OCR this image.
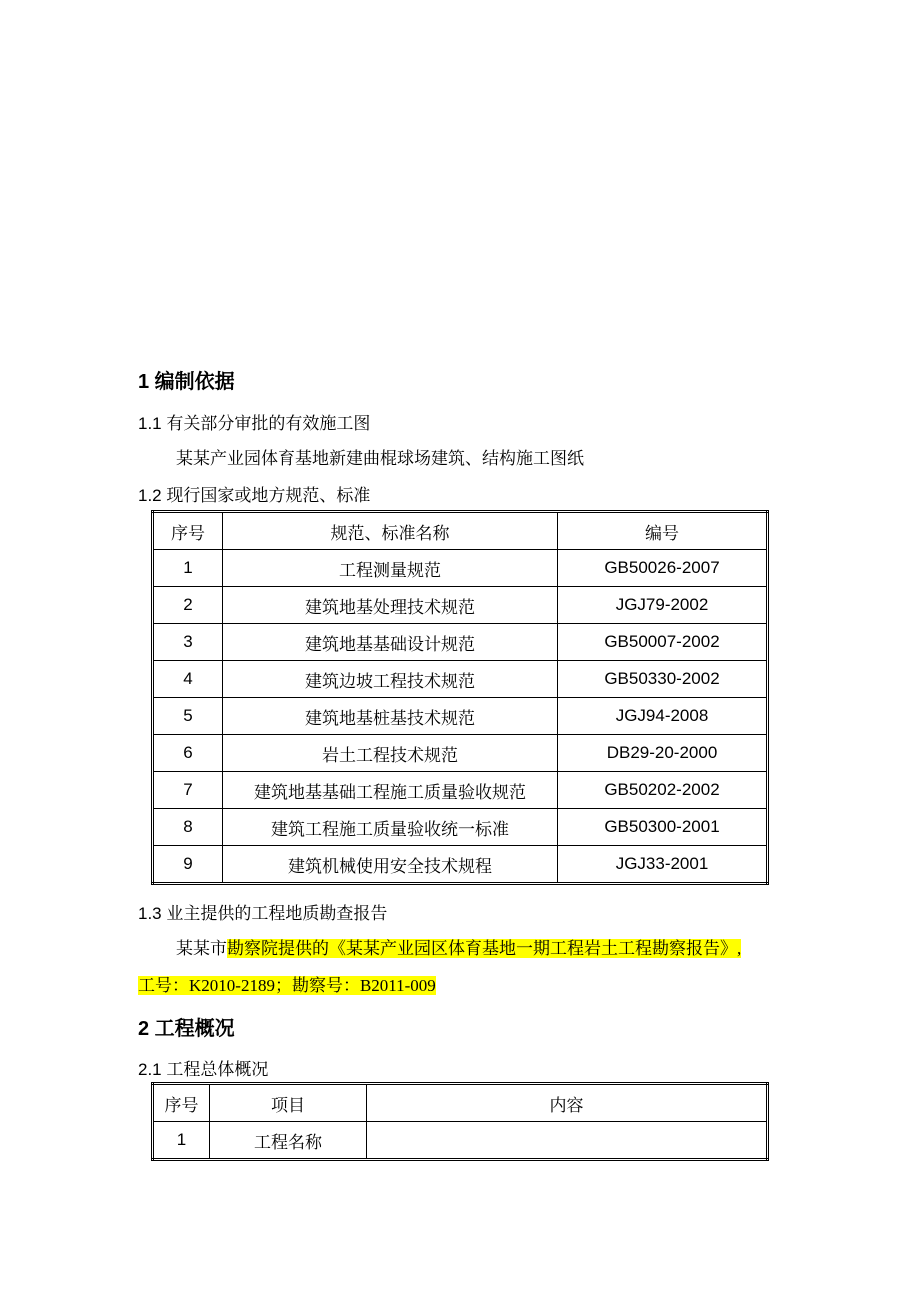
1 编制依据
1.1 有关部分审批的有效施工图
某某产业园体育基地新建曲棍球场建筑、结构施工图纸
1.2 现行国家或地方规范、标准
序号	规范、标准名称	编号
1	工程测量规范	GB50026-2007
2	建筑地基处理技术规范	JGJ79-2002
3	建筑地基基础设计规范	GB50007-2002
4	建筑边坡工程技术规范	GB50330-2002
5	建筑地基桩基技术规范	JGJ94-2008
6	岩土工程技术规范	DB29-20-2000
7	建筑地基基础工程施工质量验收规范	GB50202-2002
8	建筑工程施工质量验收统一标准	GB50300-2001
9	建筑机械使用安全技术规程	JGJ33-2001
1.3 业主提供的工程地质勘查报告
某某市勘察院提供的《某某产业园区体育基地一期工程岩土工程勘察报告》,
工号：K2010-2189；勘察号：B2011-009
2 工程概况
2.1 工程总体概况
序号	项目	内容
1	工程名称	
